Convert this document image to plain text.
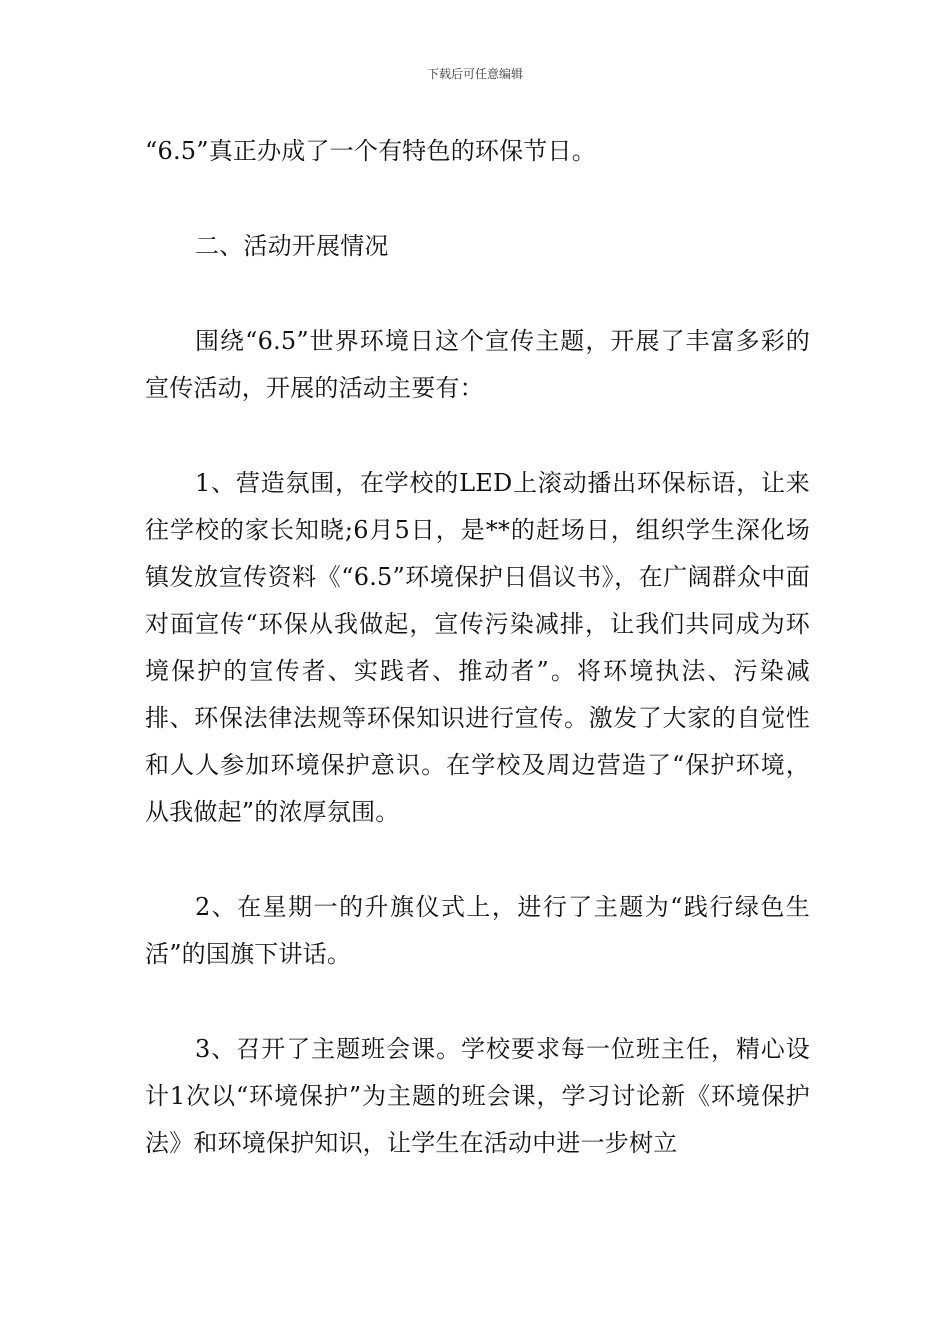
下载后可任意编辑

“6.5”真正办成了一个有特色的环保节日。

二、活动开展情况

围绕“6.5”世界环境日这个宣传主题，开展了丰富多彩的宣传活动，开展的活动主要有：

1、营造氛围，在学校的LED上滚动播出环保标语，让来往学校的家长知晓;6月5日，是**的赶场日，组织学生深化场镇发放宣传资料《“6.5”环境保护日倡议书》，在广阔群众中面对面宣传“环保从我做起，宣传污染减排，让我们共同成为环境保护的宣传者、实践者、推动者”。将环境执法、污染减排、环保法律法规等环保知识进行宣传。激发了大家的自觉性和人人参加环境保护意识。在学校及周边营造了“保护环境，从我做起”的浓厚氛围。

2、在星期一的升旗仪式上，进行了主题为“践行绿色生活”的国旗下讲话。

3、召开了主题班会课。学校要求每一位班主任，精心设计1次以“环境保护”为主题的班会课，学习讨论新《环境保护法》和环境保护知识，让学生在活动中进一步树立
